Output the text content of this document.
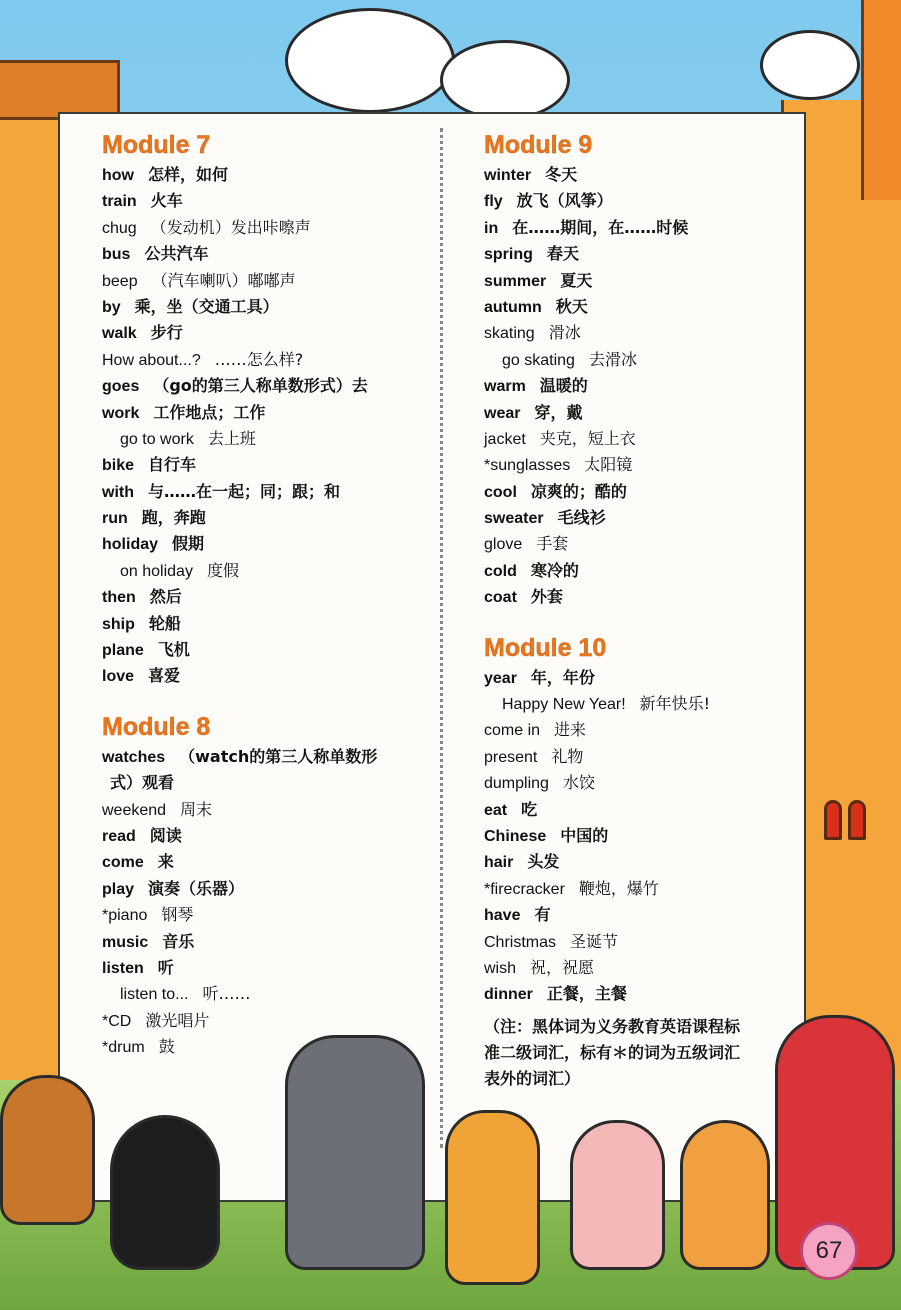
Module 7
how 怎样，如何
train 火车
chug （发动机）发出咔嚓声
bus 公共汽车
beep （汽车喇叭）嘟嘟声
by 乘，坐（交通工具）
walk 步行
How about...? ……怎么样?
goes （go的第三人称单数形式）去
work 工作地点；工作
go to work 去上班
bike 自行车
with 与……在一起；同；跟；和
run 跑，奔跑
holiday 假期
on holiday 度假
then 然后
ship 轮船
plane 飞机
love 喜爱
Module 8
watches （watch的第三人称单数形
式）观看
weekend 周末
read 阅读
come 来
play 演奏（乐器）
*piano 钢琴
music 音乐
listen 听
listen to... 听……
*CD 激光唱片
*drum 鼓
Module 9
winter 冬天
fly 放飞（风筝）
in 在……期间，在……时候
spring 春天
summer 夏天
autumn 秋天
skating 滑冰
go skating 去滑冰
warm 温暖的
wear 穿，戴
jacket 夹克，短上衣
*sunglasses 太阳镜
cool 凉爽的；酷的
sweater 毛线衫
glove 手套
cold 寒冷的
coat 外套
Module 10
year 年，年份
Happy New Year! 新年快乐!
come in 进来
present 礼物
dumpling 水饺
eat 吃
Chinese 中国的
hair 头发
*firecracker 鞭炮，爆竹
have 有
Christmas 圣诞节
wish 祝，祝愿
dinner 正餐，主餐
（注：黑体词为义务教育英语课程标准二级词汇，标有＊的词为五级词汇表外的词汇）
67
